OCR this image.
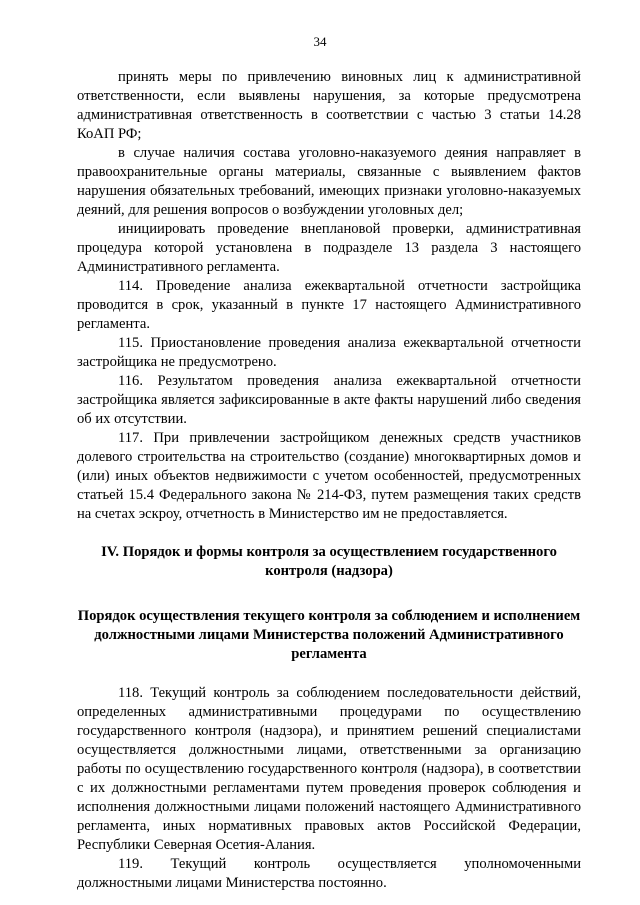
34

принять меры по привлечению виновных лиц к административной ответственности, если выявлены нарушения, за которые предусмотрена административная ответственность в соответствии с частью 3 статьи 14.28 КоАП РФ;

в случае наличия состава уголовно-наказуемого деяния направляет в правоохранительные органы материалы, связанные с выявлением фактов нарушения обязательных требований, имеющих признаки уголовно-наказуемых деяний, для решения вопросов о возбуждении уголовных дел;

инициировать проведение внеплановой проверки, административная процедура которой установлена в подразделе 13 раздела 3 настоящего Административного регламента.

114. Проведение анализа ежеквартальной отчетности застройщика проводится в срок, указанный в пункте 17 настоящего Административного регламента.

115. Приостановление проведения анализа ежеквартальной отчетности застройщика не предусмотрено.

116. Результатом проведения анализа ежеквартальной отчетности застройщика является зафиксированные в акте факты нарушений либо сведения об их отсутствии.

117. При привлечении застройщиком денежных средств участников долевого строительства на строительство (создание) многоквартирных домов и (или) иных объектов недвижимости с учетом особенностей, предусмотренных статьей 15.4 Федерального закона № 214-ФЗ, путем размещения таких средств на счетах эскроу, отчетность в Министерство им не предоставляется.

IV. Порядок и формы контроля за осуществлением государственного контроля (надзора)
Порядок осуществления текущего контроля за соблюдением и исполнением должностными лицами Министерства положений Административного регламента

118. Текущий контроль за соблюдением последовательности действий, определенных административными процедурами по осуществлению государственного контроля (надзора), и принятием решений специалистами осуществляется должностными лицами, ответственными за организацию работы по осуществлению государственного контроля (надзора), в соответствии с их должностными регламентами путем проведения проверок соблюдения и исполнения должностными лицами положений настоящего Административного регламента, иных нормативных правовых актов Российской Федерации, Республики Северная Осетия-Алания.

119. Текущий контроль осуществляется уполномоченными должностными лицами Министерства постоянно.
